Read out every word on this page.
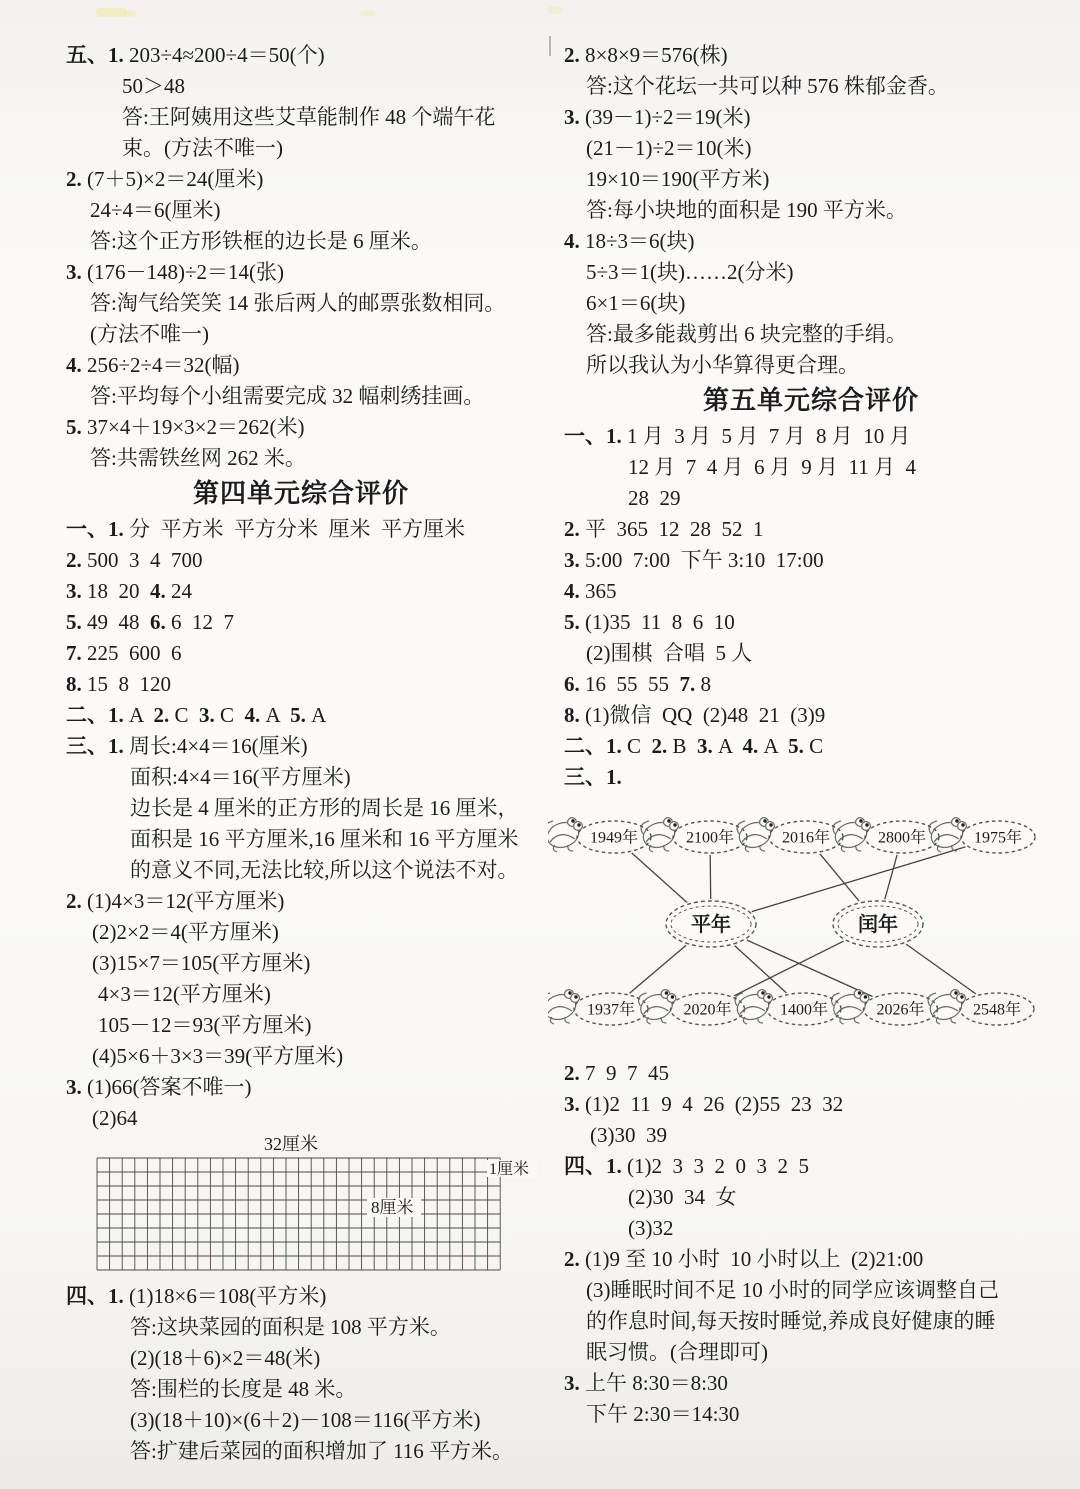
五、1. 203÷4≈200÷4＝50(个)
50＞48
答:王阿姨用这些艾草能制作 48 个端午花
束。(方法不唯一)
2. (7＋5)×2＝24(厘米)
24÷4＝6(厘米)
答:这个正方形铁框的边长是 6 厘米。
3. (176－148)÷2＝14(张)
答:淘气给笑笑 14 张后两人的邮票张数相同。
(方法不唯一)
4. 256÷2÷4＝32(幅)
答:平均每个小组需要完成 32 幅刺绣挂画。
5. 37×4＋19×3×2＝262(米)
答:共需铁丝网 262 米。
第四单元综合评价
一、1. 分  平方米  平方分米  厘米  平方厘米
2. 500  3  4  700
3. 18  20  4. 24
5. 49  48  6. 6  12  7
7. 225  600  6
8. 15  8  120
二、1. A  2. C  3. C  4. A  5. A
三、1. 周长:4×4＝16(厘米)
面积:4×4＝16(平方厘米)
边长是 4 厘米的正方形的周长是 16 厘米，
面积是 16 平方厘米,16 厘米和 16 平方厘米
的意义不同,无法比较,所以这个说法不对。
2. (1)4×3＝12(平方厘米)
(2)2×2＝4(平方厘米)
(3)15×7＝105(平方厘米)
4×3＝12(平方厘米)
105－12＝93(平方厘米)
(4)5×6＋3×3＝39(平方厘米)
3. (1)66(答案不唯一)
(2)64
32厘米
1厘米
8厘米
四、1. (1)18×6＝108(平方米)
答:这块菜园的面积是 108 平方米。
(2)(18＋6)×2＝48(米)
答:围栏的长度是 48 米。
(3)(18＋10)×(6＋2)－108＝116(平方米)
答:扩建后菜园的面积增加了 116 平方米。
2. 8×8×9＝576(株)
答:这个花坛一共可以种 576 株郁金香。
3. (39－1)÷2＝19(米)
(21－1)÷2＝10(米)
19×10＝190(平方米)
答:每小块地的面积是 190 平方米。
4. 18÷3＝6(块)
5÷3＝1(块)……2(分米)
6×1＝6(块)
答:最多能裁剪出 6 块完整的手绢。
所以我认为小华算得更合理。
第五单元综合评价
一、1. 1 月  3 月  5 月  7 月  8 月  10 月
12 月  7  4 月  6 月  9 月  11 月  4
28  29
2. 平  365  12  28  52  1
3. 5:00  7:00  下午 3:10  17:00
4. 365
5. (1)35  11  8  6  10
(2)围棋  合唱  5 人
6. 16  55  55  7. 8
8. (1)微信  QQ  (2)48  21  (3)9
二、1. C  2. B  3. A  4. A  5. C
三、1.
1949年	2100年	2016年	2800年	1975年
1937年	2020年	1400年	2026年	2548年
平年	闰年
2. 7  9  7  45
3. (1)2  11  9  4  26  (2)55  23  32
(3)30  39
四、1. (1)2  3  3  2  0  3  2  5
(2)30  34  女
(3)32
2. (1)9 至 10 小时  10 小时以上  (2)21:00
(3)睡眠时间不足 10 小时的同学应该调整自己
的作息时间,每天按时睡觉,养成良好健康的睡
眠习惯。(合理即可)
3. 上午 8:30＝8:30
下午 2:30＝14:30
